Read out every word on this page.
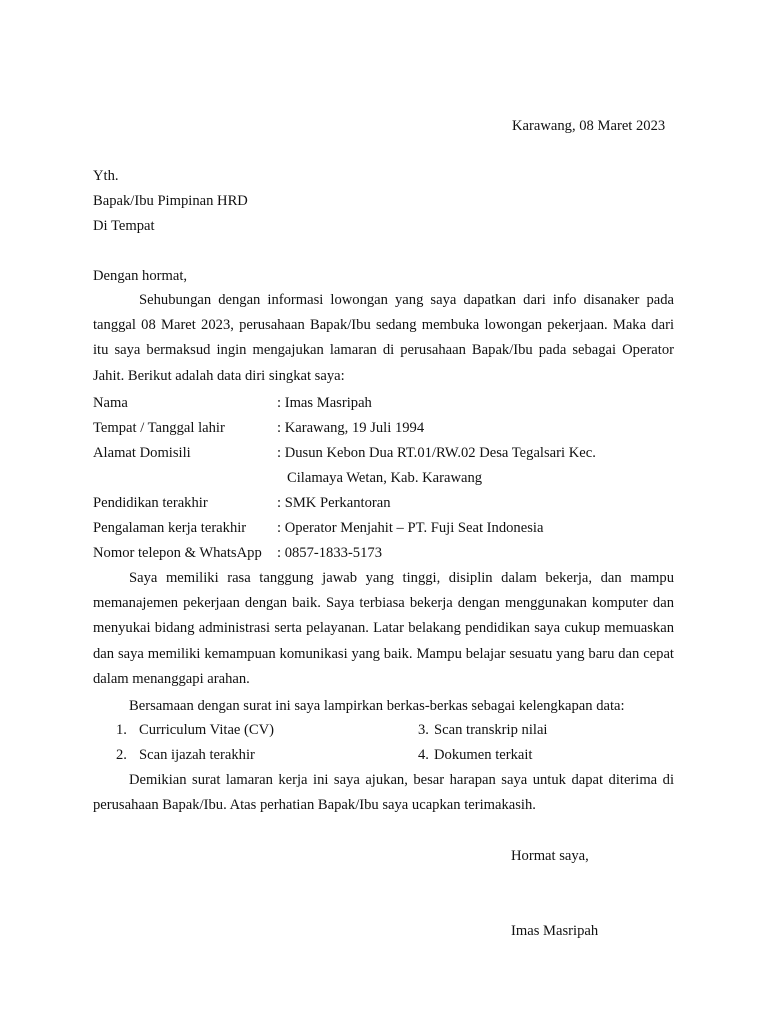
Karawang, 08 Maret 2023
Yth.
Bapak/Ibu Pimpinan HRD
Di Tempat
Dengan hormat,
Sehubungan dengan informasi lowongan yang saya dapatkan dari info disanaker pada tanggal 08 Maret 2023, perusahaan Bapak/Ibu sedang membuka lowongan pekerjaan. Maka dari itu saya bermaksud ingin mengajukan lamaran di perusahaan Bapak/Ibu pada sebagai Operator Jahit. Berikut adalah data diri singkat saya:
Nama	: Imas Masripah
Tempat / Tanggal lahir	: Karawang, 19 Juli 1994
Alamat Domisili	: Dusun Kebon Dua RT.01/RW.02 Desa Tegalsari Kec.
Cilamaya Wetan, Kab. Karawang
Pendidikan terakhir	: SMK Perkantoran
Pengalaman kerja terakhir : Operator Menjahit – PT. Fuji Seat Indonesia
Nomor telepon & WhatsApp : 0857-1833-5173
Saya memiliki rasa tanggung jawab yang tinggi, disiplin dalam bekerja, dan mampu memanajemen pekerjaan dengan baik. Saya terbiasa bekerja dengan menggunakan komputer dan menyukai bidang administrasi serta pelayanan. Latar belakang pendidikan saya cukup memuaskan dan saya memiliki kemampuan komunikasi yang baik. Mampu belajar sesuatu yang baru dan cepat dalam menanggapi arahan.
Bersamaan dengan surat ini saya lampirkan berkas-berkas sebagai kelengkapan data:
1. Curriculum Vitae (CV)
2. Scan ijazah terakhir
3. Scan transkrip nilai
4. Dokumen terkait
Demikian surat lamaran kerja ini saya ajukan, besar harapan saya untuk dapat diterima di perusahaan Bapak/Ibu. Atas perhatian Bapak/Ibu saya ucapkan terimakasih.
Hormat saya,
Imas Masripah
